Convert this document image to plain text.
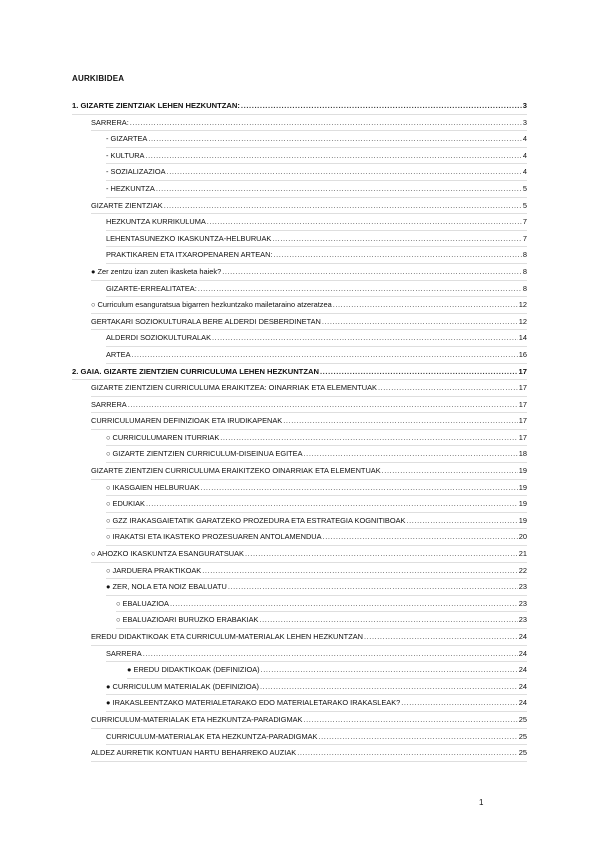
AURKIBIDEA
1. GIZARTE ZIENTZIAK LEHEN HEZKUNTZAN: .....	3
SARRERA: .....	3
- GIZARTEA .....	4
- KULTURA .....	4
- SOZIALIZAZIOA .....	4
- HEZKUNTZA .....	5
GIZARTE ZIENTZIAK .....	5
HEZKUNTZA KURRIKULUMA .....	7
LEHENTASUNEZKO IKASKUNTZA-HELBURUAK .....	7
PRAKTIKAREN ETA ITXAROPENAREN ARTEAN: .....	8
● Zer zentzu izan zuten ikasketa haiek? .....	8
GIZARTE-ERREALITATEA: .....	8
○ Curriculum esanguratsua bigarren hezkuntzako mailetaraino atzeratzea .....	12
GERTAKARI SOZIOKULTURALA BERE ALDERDI DESBERDINETAN .....	12
ALDERDI SOZIOKULTURALAK .....	14
ARTEA .....	16
2. GAIA. GIZARTE ZIENTZIEN CURRICULUMA LEHEN HEZKUNTZAN .....	17
GIZARTE ZIENTZIEN CURRICULUMA ERAIKITZEA: OINARRIAK ETA ELEMENTUAK .....	17
SARRERA .....	17
CURRICULUMAREN DEFINIZIOAK ETA IRUDIKAPENAK .....	17
○ CURRICULUMAREN ITURRIAK .....	17
○ GIZARTE ZIENTZIEN CURRICULUM-DISEINUA EGITEA .....	18
GIZARTE ZIENTZIEN CURRICULUMA ERAIKITZEKO OINARRIAK ETA ELEMENTUAK .....	19
○ IKASGAIEN HELBURUAK .....	19
○ EDUKIAK .....	19
○ GZZ IRAKASGAIETATIK GARATZEKO PROZEDURA ETA ESTRATEGIA KOGNITIBOAK .....	19
○ IRAKATSI ETA IKASTEKO PROZESUAREN ANTOLAMENDUA .....	20
○ AHOZKO IKASKUNTZA ESANGURATSUAK .....	21
○ JARDUERA PRAKTIKOAK .....	22
● ZER, NOLA ETA NOIZ EBALUATU .....	23
○ EBALUAZIOA .....	23
○ EBALUAZIOARI BURUZKO ERABAKIAK .....	23
EREDU DIDAKTIKOAK ETA CURRICULUM-MATERIALAK LEHEN HEZKUNTZAN .....	24
SARRERA .....	24
● EREDU DIDAKTIKOAK (DEFINIZIOA) .....	24
● CURRICULUM MATERIALAK (DEFINIZIOA) .....	24
● IRAKASLEENTZAKO MATERIALETARAKO EDO MATERIALETARAKO IRAKASLEAK? .....	24
CURRICULUM-MATERIALAK ETA HEZKUNTZA-PARADIGMAK .....	25
CURRICULUM-MATERIALAK ETA HEZKUNTZA-PARADIGMAK .....	25
ALDEZ AURRETIK KONTUAN HARTU BEHARREKO AUZIAK .....	25
1
